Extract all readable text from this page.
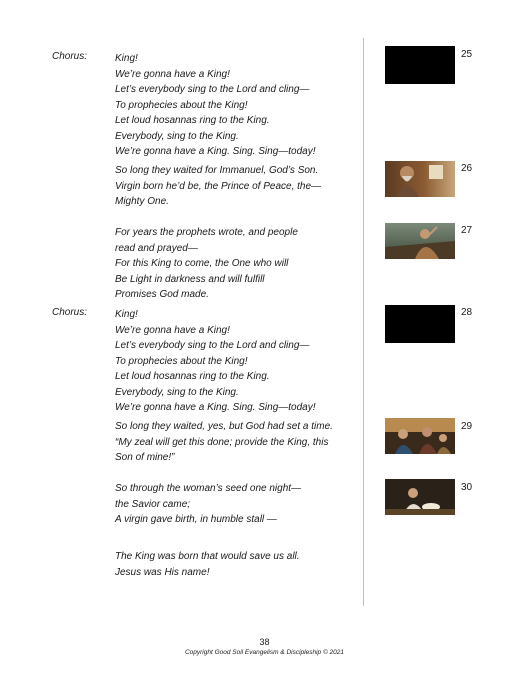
Chorus:
Chorus:
King!
We’re gonna have a King!
Let’s everybody sing to the Lord and cling—
To prophecies about the King!
Let loud hosannas ring to the King.
Everybody, sing to the King.
We’re gonna have a King. Sing. Sing—today!
So long they waited for Immanuel, God’s Son.
Virgin born he’d be, the Prince of Peace, the—
Mighty One.
For years the prophets wrote, and people
read and prayed—
For this King to come, the One who will
Be Light in darkness and will fulfill
Promises God made.
King!
We’re gonna have a King!
Let’s everybody sing to the Lord and cling—
To prophecies about the King!
Let loud hosannas ring to the King.
Everybody, sing to the King.
We’re gonna have a King. Sing. Sing—today!
So long they waited, yes, but God had set a time.
“My zeal will get this done; provide the King, this
Son of mine!”
So through the woman’s seed one night—
the Savior came;
A virgin gave birth, in humble stall —
The King was born that would save us all.
Jesus was His name!
25
26
27
28
29
30
38
Copyright Good Soil Evangelism & Discipleship © 2021
